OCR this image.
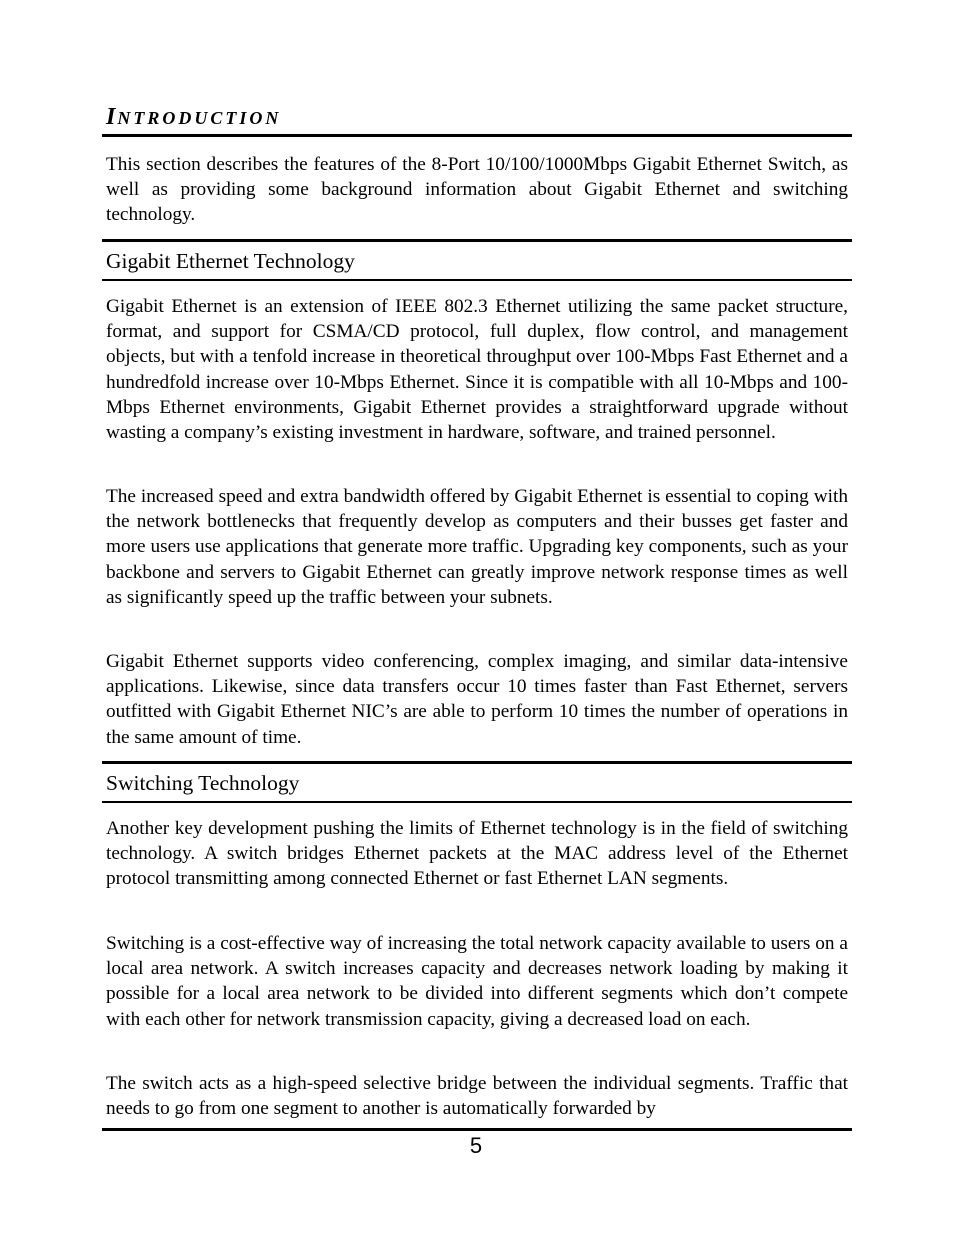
INTRODUCTION

This section describes the features of the 8-Port 10/100/1000Mbps Gigabit Ethernet Switch, as well as providing some background information about Gigabit Ethernet and switching technology.

Gigabit Ethernet Technology

Gigabit Ethernet is an extension of IEEE 802.3 Ethernet utilizing the same packet structure, format, and support for CSMA/CD protocol, full duplex, flow control, and management objects, but with a tenfold increase in theoretical throughput over 100-Mbps Fast Ethernet and a hundredfold increase over 10-Mbps Ethernet. Since it is compatible with all 10-Mbps and 100-Mbps Ethernet environments, Gigabit Ethernet provides a straightforward upgrade without wasting a company’s existing investment in hardware, software, and trained personnel.

The increased speed and extra bandwidth offered by Gigabit Ethernet is essential to coping with the network bottlenecks that frequently develop as computers and their busses get faster and more users use applications that generate more traffic. Upgrading key components, such as your backbone and servers to Gigabit Ethernet can greatly improve network response times as well as significantly speed up the traffic between your subnets.

Gigabit Ethernet supports video conferencing, complex imaging, and similar data-intensive applications. Likewise, since data transfers occur 10 times faster than Fast Ethernet, servers outfitted with Gigabit Ethernet NIC’s are able to perform 10 times the number of operations in the same amount of time.

Switching Technology

Another key development pushing the limits of Ethernet technology is in the field of switching technology. A switch bridges Ethernet packets at the MAC address level of the Ethernet protocol transmitting among connected Ethernet or fast Ethernet LAN segments.

Switching is a cost-effective way of increasing the total network capacity available to users on a local area network. A switch increases capacity and decreases network loading by making it possible for a local area network to be divided into different segments which don’t compete with each other for network transmission capacity, giving a decreased load on each.

The switch acts as a high-speed selective bridge between the individual segments. Traffic that needs to go from one segment to another is automatically forwarded by

5
